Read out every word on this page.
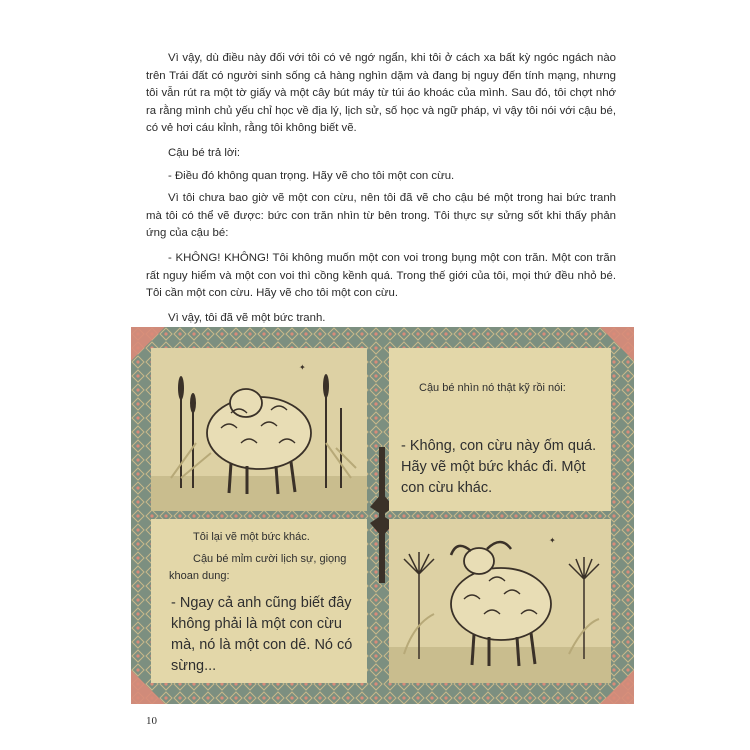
Vì vậy, dù điều này đối với tôi có vẻ ngớ ngẩn, khi tôi ở cách xa bất kỳ ngóc ngách nào trên Trái đất có người sinh sống cả hàng nghìn dặm và đang bị nguy đến tính mạng, nhưng tôi vẫn rút ra một tờ giấy và một cây bút máy từ túi áo khoác của mình. Sau đó, tôi chợt nhớ ra rằng mình chủ yếu chỉ học về địa lý, lịch sử, số học và ngữ pháp, vì vậy tôi nói với cậu bé, có vẻ hơi cáu kỉnh, rằng tôi không biết vẽ.

Cậu bé trả lời:

- Điều đó không quan trọng. Hãy vẽ cho tôi một con cừu.

Vì tôi chưa bao giờ vẽ một con cừu, nên tôi đã vẽ cho cậu bé một trong hai bức tranh mà tôi có thể vẽ được: bức con trăn nhìn từ bên trong. Tôi thực sự sửng sốt khi thấy phản ứng của cậu bé:

- KHÔNG! KHÔNG! Tôi không muốn một con voi trong bụng một con trăn. Một con trăn rất nguy hiểm và một con voi thì cồng kềnh quá. Trong thế giới của tôi, mọi thứ đều nhỏ bé. Tôi cần một con cừu. Hãy vẽ cho tôi một con cừu.

Vì vậy, tôi đã vẽ một bức tranh.

✦
Cậu bé nhìn nó thật kỹ rồi nói:
- Không, con cừu này ốm quá. Hãy vẽ một bức khác đi. Một con cừu khác.
Tôi lại vẽ một bức khác.
Cậu bé mỉm cười lịch sự, giọng khoan dung:
- Ngay cả anh cũng biết đây không phải là một con cừu mà, nó là một con dê. Nó có sừng...
✦
10
